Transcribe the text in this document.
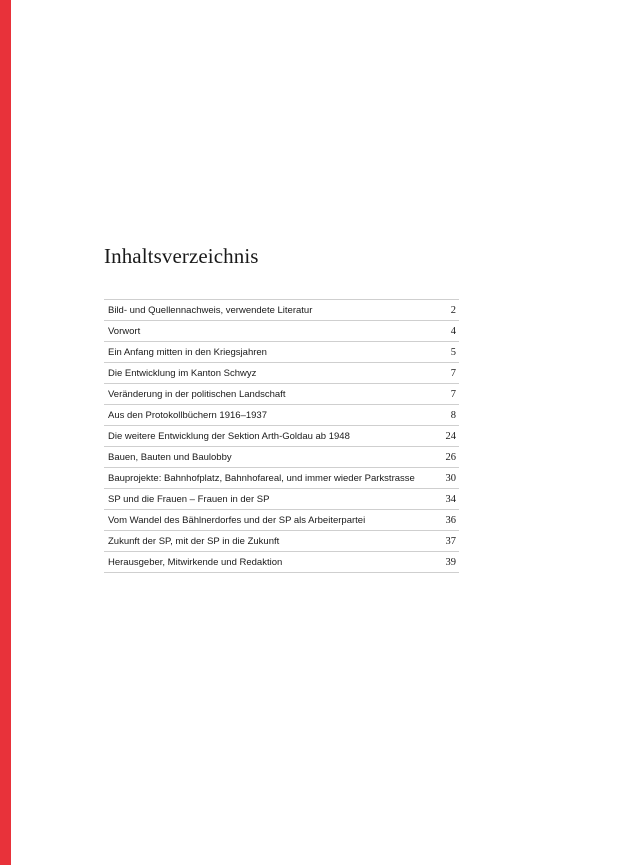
Inhaltsverzeichnis
Bild- und Quellennachweis, verwendete Literatur	2
Vorwort	4
Ein Anfang mitten in den Kriegsjahren	5
Die Entwicklung im Kanton Schwyz	7
Veränderung in der politischen Landschaft	7
Aus den Protokollbüchern 1916–1937	8
Die weitere Entwicklung der Sektion Arth-Goldau ab 1948	24
Bauen, Bauten und Baulobby	26
Bauprojekte: Bahnhofplatz, Bahnhofareal, und immer wieder Parkstrasse	30
SP und die Frauen – Frauen in der SP	34
Vom Wandel des Bählnerdorfes und der SP als Arbeiterpartei	36
Zukunft der SP, mit der SP in die Zukunft	37
Herausgeber, Mitwirkende und Redaktion	39
